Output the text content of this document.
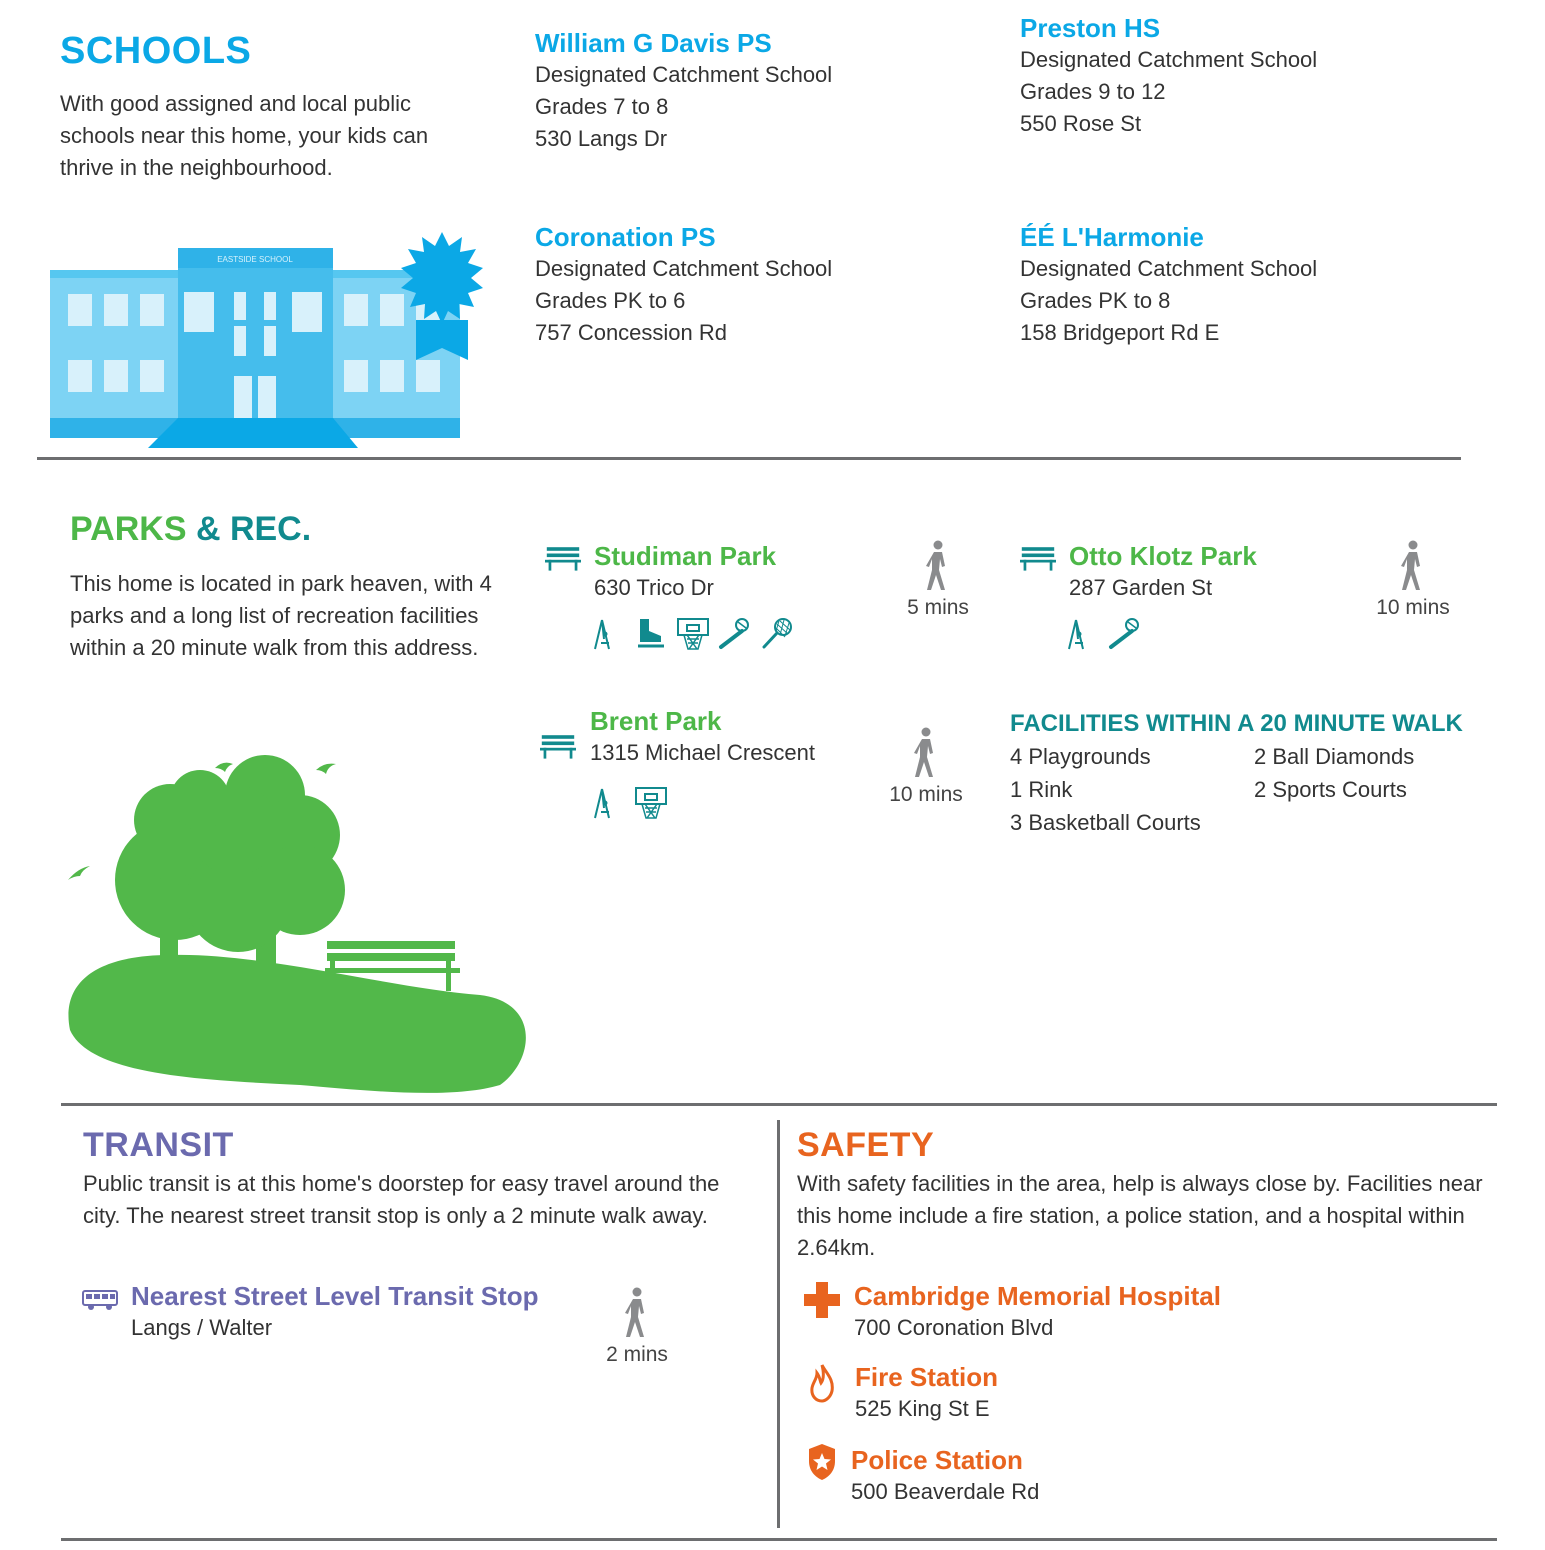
SCHOOLS
With good assigned and local public schools near this home, your kids can thrive in the neighbourhood.
EASTSIDE SCHOOL
William G Davis PS
Designated Catchment School
Grades 7 to 8
530 Langs Dr
Preston HS
Designated Catchment School
Grades 9 to 12
550 Rose St
Coronation PS
Designated Catchment School
Grades PK to 6
757 Concession Rd
ÉÉ L'Harmonie
Designated Catchment School
Grades PK to 8
158 Bridgeport Rd E
PARKS & REC.
This home is located in park heaven, with 4 parks and a long list of recreation facilities within a 20 minute walk from this address.
Studiman Park
630 Trico Dr
5 mins
Otto Klotz Park
287 Garden St
10 mins
Brent Park
1315 Michael Crescent
10 mins
FACILITIES WITHIN A 20 MINUTE WALK
4 Playgrounds
1 Rink
3 Basketball Courts
2 Ball Diamonds
2 Sports Courts
TRANSIT
Public transit is at this home's doorstep for easy travel around the city. The nearest street transit stop is only a 2 minute walk away.
Nearest Street Level Transit Stop
Langs / Walter
2 mins
SAFETY
With safety facilities in the area, help is always close by. Facilities near this home include a fire station, a police station, and a hospital within 2.64km.
Cambridge Memorial Hospital
700 Coronation Blvd
Fire Station
525 King St E
Police Station
500 Beaverdale Rd
